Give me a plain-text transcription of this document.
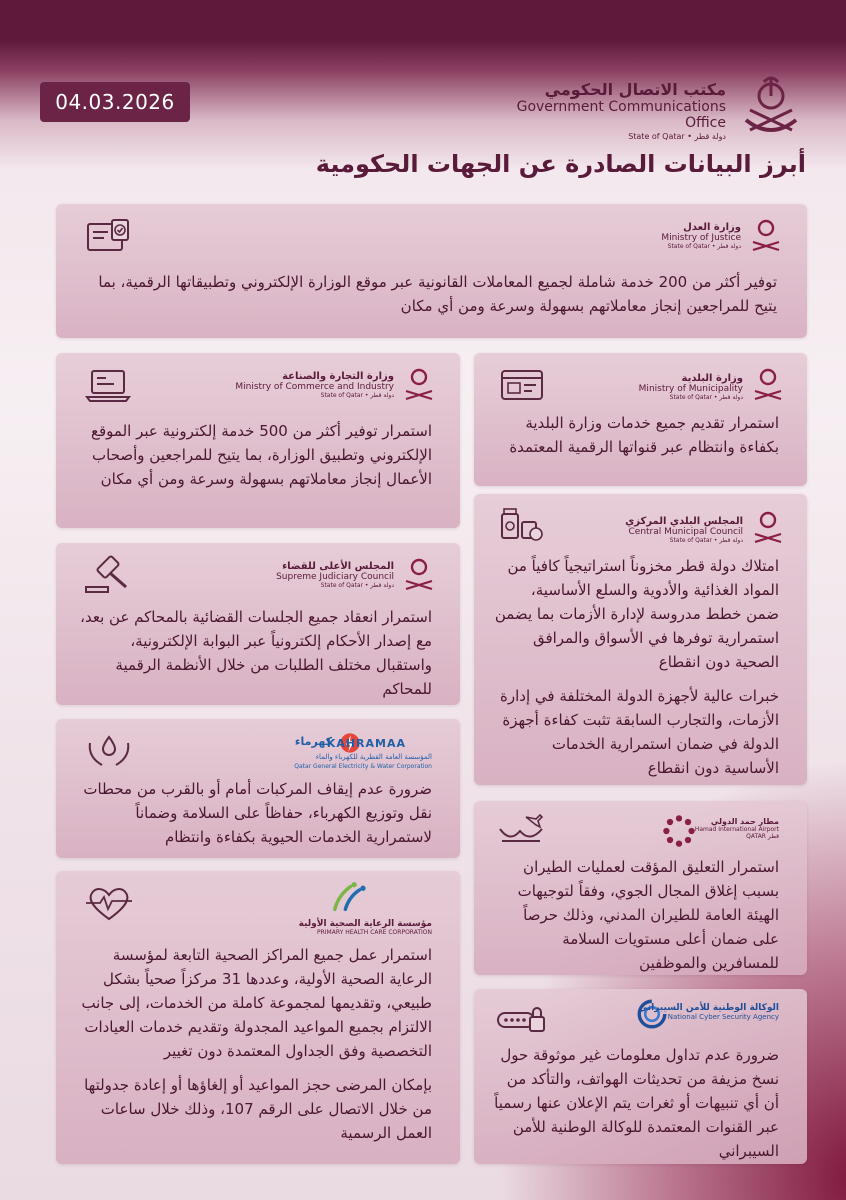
04.03.2026
مكتب الاتصال الحكومي
Government Communications Office
State of Qatar • دولة قطر
أبرز البيانات الصادرة عن الجهات الحكومية
وزارة العدل
Ministry of Justice
State of Qatar • دولة قطر
توفير أكثر من 200 خدمة شاملة لجميع المعاملات القانونية عبر موقع الوزارة الإلكتروني وتطبيقاتها الرقمية، بما يتيح للمراجعين إنجاز معاملاتهم بسهولة وسرعة ومن أي مكان
وزارة التجارة والصناعة
Ministry of Commerce and Industry
State of Qatar • دولة قطر
استمرار توفير أكثر من 500 خدمة إلكترونية عبر الموقع الإلكتروني وتطبيق الوزارة، بما يتيح للمراجعين وأصحاب الأعمال إنجاز معاملاتهم بسهولة وسرعة ومن أي مكان
وزارة البلدية
Ministry of Municipality
State of Qatar • دولة قطر
استمرار تقديم جميع خدمات وزارة البلدية بكفاءة وانتظام عبر قنواتها الرقمية المعتمدة
المجلس البلدي المركزي
Central Municipal Council
State of Qatar • دولة قطر

امتلاك دولة قطر مخزوناً استراتيجياً كافياً من المواد الغذائية والأدوية والسلع الأساسية، ضمن خطط مدروسة لإدارة الأزمات بما يضمن استمرارية توفرها في الأسواق والمرافق الصحية دون انقطاع

خبرات عالية لأجهزة الدولة المختلفة في إدارة الأزمات، والتجارب السابقة تثبت كفاءة أجهزة الدولة في ضمان استمرارية الخدمات الأساسية دون انقطاع

المجلس الأعلى للقضاء
Supreme Judiciary Council
State of Qatar • دولة قطر
استمرار انعقاد جميع الجلسات القضائية بالمحاكم عن بعد، مع إصدار الأحكام إلكترونياً عبر البوابة الإلكترونية، واستقبال مختلف الطلبات من خلال الأنظمة الرقمية للمحاكم
KAHRAMAA
كهرماء
المؤسسة العامة القطرية للكهرباء والماء
Qatar General Electricity & Water Corporation
ضرورة عدم إيقاف المركبات أمام أو بالقرب من محطات نقل وتوزيع الكهرباء، حفاظاً على السلامة وضماناً لاستمرارية الخدمات الحيوية بكفاءة وانتظام
مطار حمد الدولي
Hamad International Airport
QATAR قطر
استمرار التعليق المؤقت لعمليات الطيران بسبب إغلاق المجال الجوي، وفقاً لتوجيهات الهيئة العامة للطيران المدني، وذلك حرصاً على ضمان أعلى مستويات السلامة للمسافرين والموظفين
مؤسسة الرعاية الصحية الأولية
PRIMARY HEALTH CARE CORPORATION

استمرار عمل جميع المراكز الصحية التابعة لمؤسسة الرعاية الصحية الأولية، وعددها 31 مركزاً صحياً بشكل طبيعي، وتقديمها لمجموعة كاملة من الخدمات، إلى جانب الالتزام بجميع المواعيد المجدولة وتقديم خدمات العيادات التخصصية وفق الجداول المعتمدة دون تغيير

بإمكان المرضى حجز المواعيد أو إلغاؤها أو إعادة جدولتها من خلال الاتصال على الرقم 107، وذلك خلال ساعات العمل الرسمية

الوكالة الوطنية للأمن السيبراني
National Cyber Security Agency
ضرورة عدم تداول معلومات غير موثوقة حول نسخ مزيفة من تحديثات الهواتف، والتأكد من أن أي تنبيهات أو ثغرات يتم الإعلان عنها رسمياً عبر القنوات المعتمدة للوكالة الوطنية للأمن السيبراني
